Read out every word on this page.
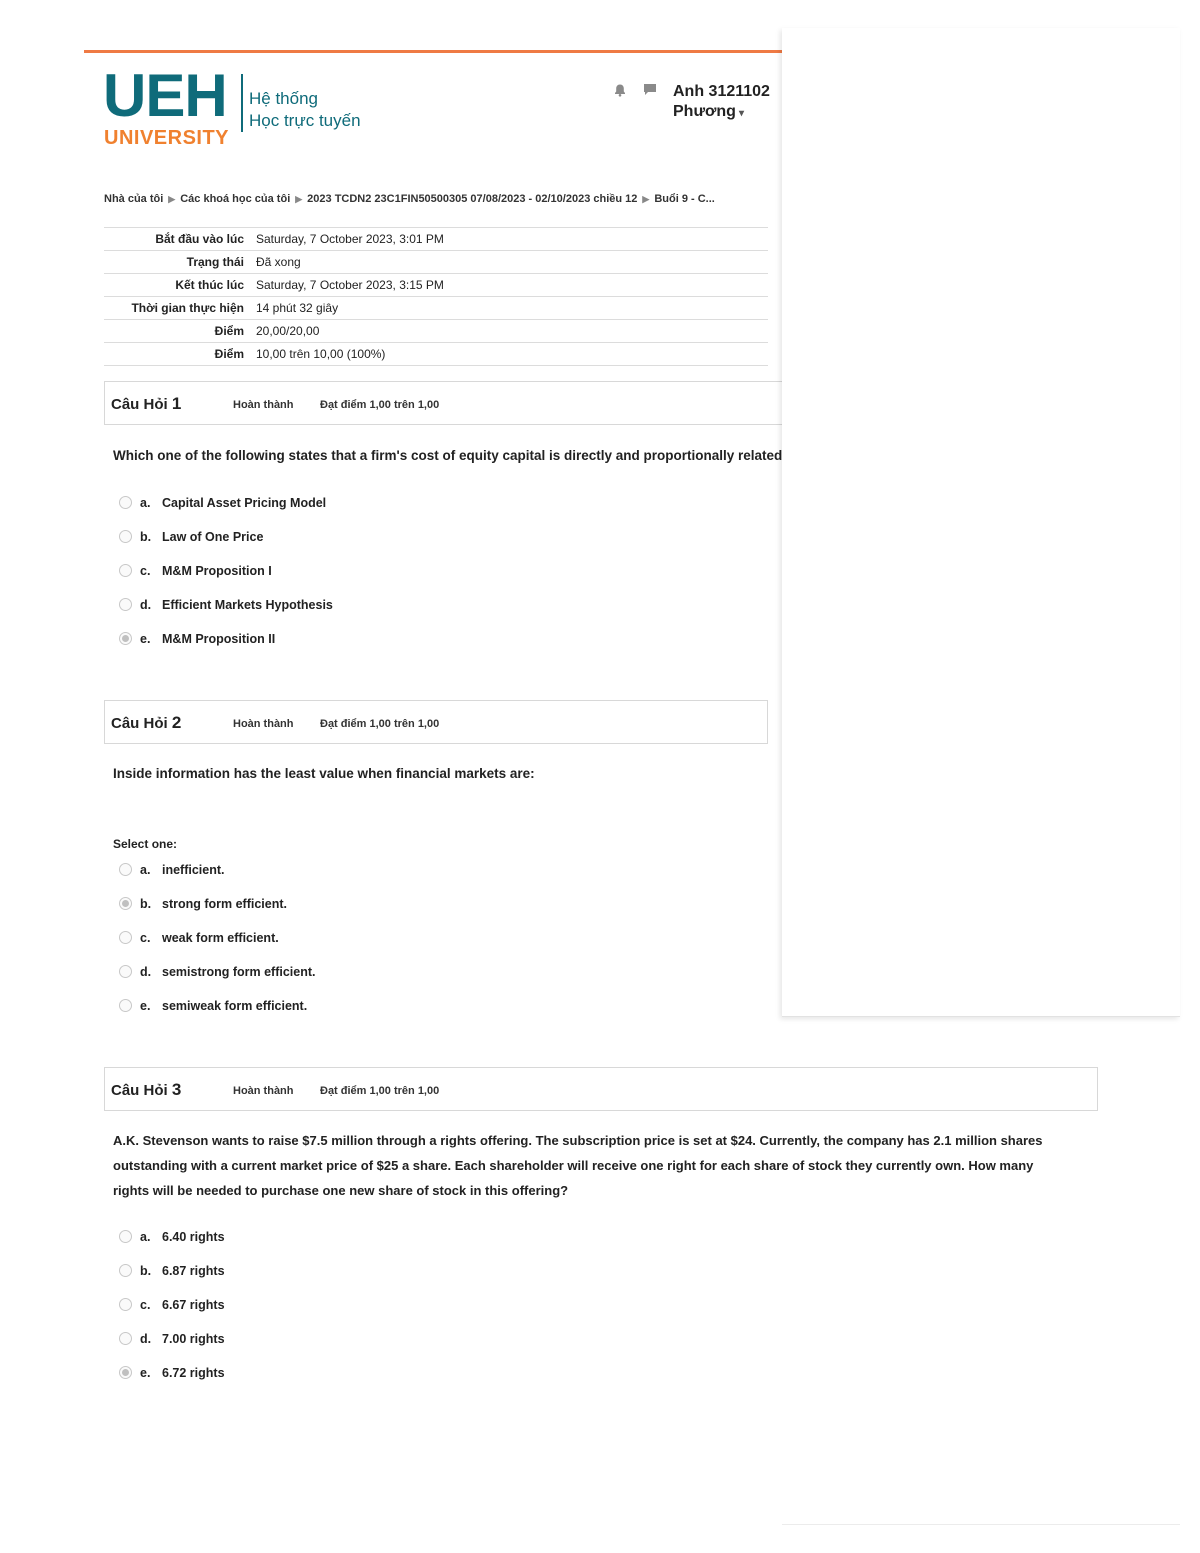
UEH
UNIVERSITY
Hệ thống
Học trực tuyến
Anh 3121102
Phương ▾
Nhà của tôi ▶ Các khoá học của tôi ▶ 2023 TCDN2 23C1FIN50500305 07/08/2023 - 02/10/2023 chiều 12 ▶ Buổi 9 - C...
Bắt đầu vào lúc Saturday, 7 October 2023, 3:01 PM
Trạng thái Đã xong
Kết thúc lúc Saturday, 7 October 2023, 3:15 PM
Thời gian thực hiện 14 phút 32 giây
Điểm 20,00/20,00
Điểm 10,00 trên 10,00 (100%)
Câu Hỏi 1	Hoàn thành Đạt điểm 1,00 trên 1,00
Which one of the following states that a firm's cost of equity capital is directly and proportionally related
a. Capital Asset Pricing Model
b. Law of One Price
c. M&M Proposition I
d. Efficient Markets Hypothesis
e. M&M Proposition II
Câu Hỏi 2	Hoàn thành Đạt điểm 1,00 trên 1,00
Inside information has the least value when financial markets are:
Select one:
a. inefficient.
b. strong form efficient.
c. weak form efficient.
d. semistrong form efficient.
e. semiweak form efficient.
Câu Hỏi 3	Hoàn thành Đạt điểm 1,00 trên 1,00
A.K. Stevenson wants to raise $7.5 million through a rights offering. The subscription price is set at $24. Currently, the company has 2.1 million shares
outstanding with a current market price of $25 a share. Each shareholder will receive one right for each share of stock they currently own. How many
rights will be needed to purchase one new share of stock in this offering?
a. 6.40 rights
b. 6.87 rights
c. 6.67 rights
d. 7.00 rights
e. 6.72 rights
